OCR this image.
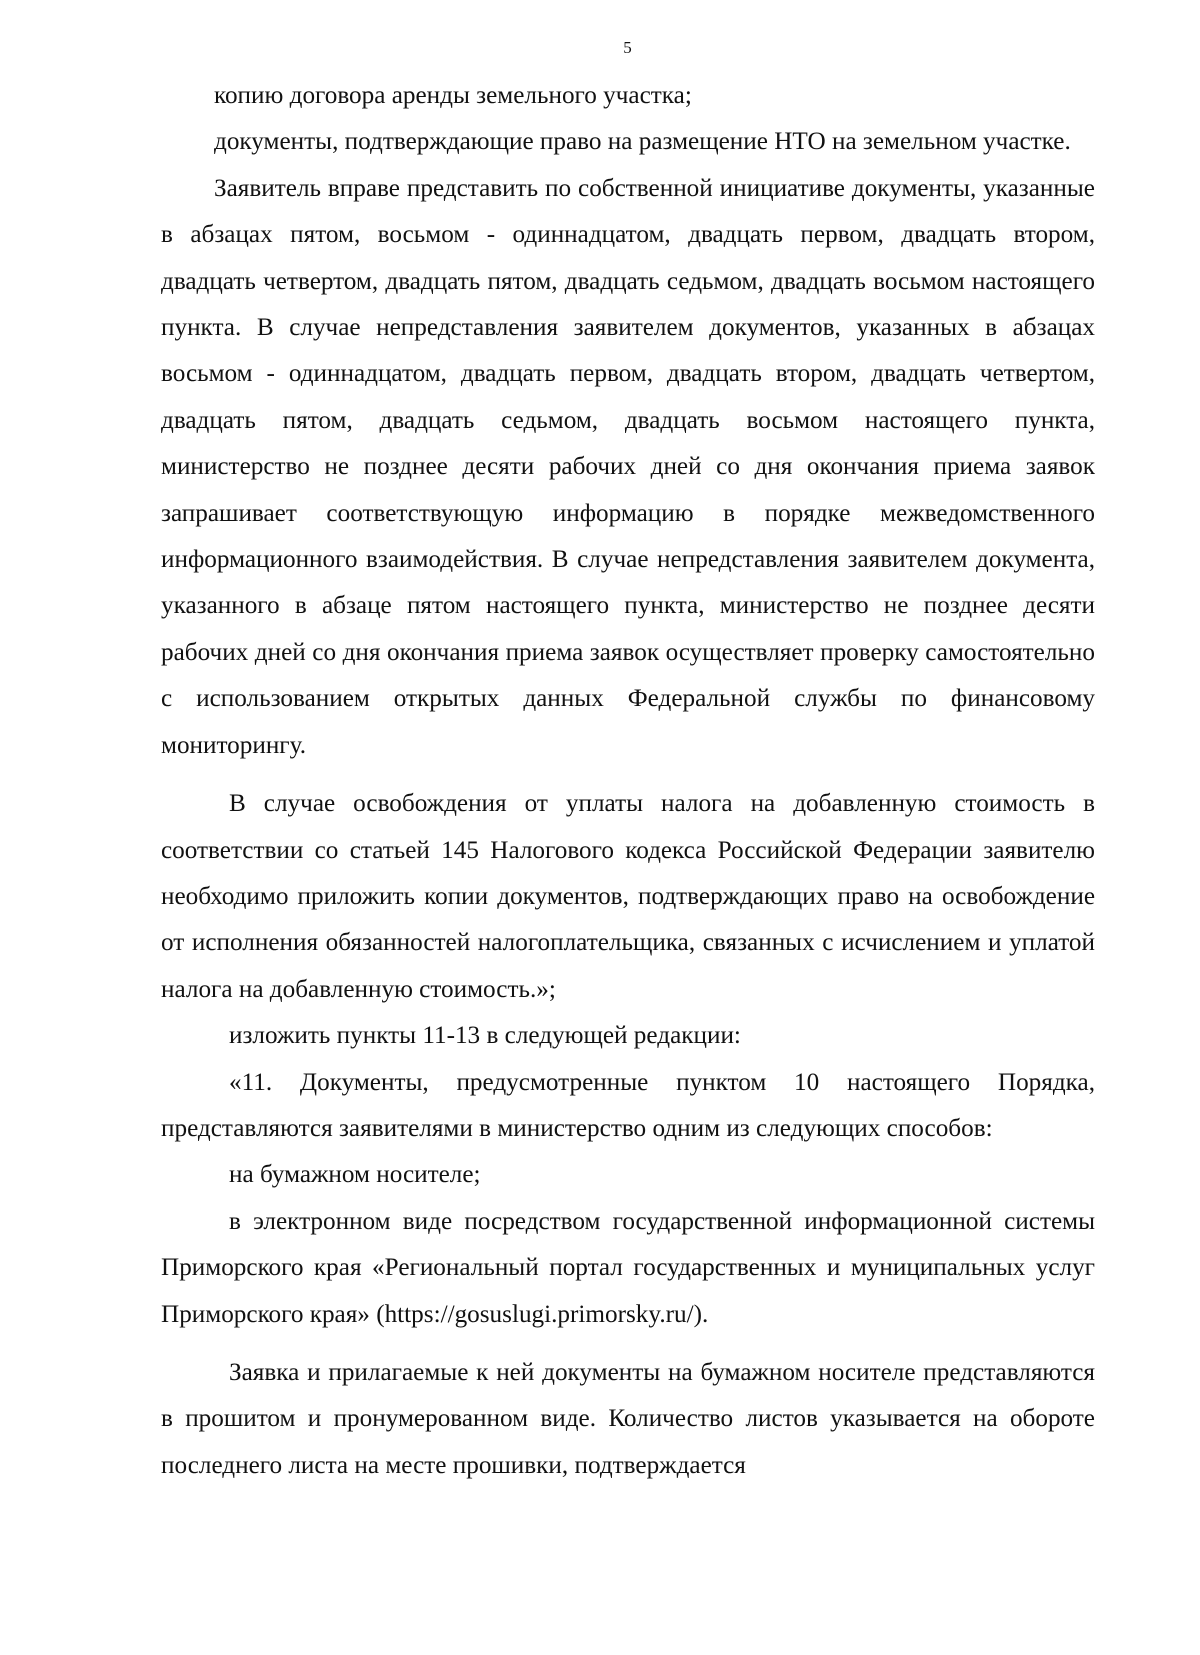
5

копию договора аренды земельного участка;

документы, подтверждающие право на размещение НТО на земельном участке.

Заявитель вправе представить по собственной инициативе документы, указанные в абзацах пятом, восьмом - одиннадцатом, двадцать первом, двадцать втором, двадцать четвертом, двадцать пятом, двадцать седьмом, двадцать восьмом настоящего пункта. В случае непредставления заявителем документов, указанных в абзацах восьмом - одиннадцатом, двадцать первом, двадцать втором, двадцать четвертом, двадцать пятом, двадцать седьмом, двадцать восьмом настоящего пункта, министерство не позднее десяти рабочих дней со дня окончания приема заявок запрашивает соответствующую информацию в порядке межведомственного информационного взаимодействия. В случае непредставления заявителем документа, указанного в абзаце пятом настоящего пункта, министерство не позднее десяти рабочих дней со дня окончания приема заявок осуществляет проверку самостоятельно с использованием открытых данных Федеральной службы по финансовому мониторингу.

В случае освобождения от уплаты налога на добавленную стоимость в соответствии со статьей 145 Налогового кодекса Российской Федерации заявителю необходимо приложить копии документов, подтверждающих право на освобождение от исполнения обязанностей налогоплательщика, связанных с исчислением и уплатой налога на добавленную стоимость.»;

изложить пункты 11-13 в следующей редакции:

«11. Документы, предусмотренные пунктом 10 настоящего Порядка, представляются заявителями в министерство одним из следующих способов:

на бумажном носителе;

в электронном виде посредством государственной информационной системы Приморского края «Региональный портал государственных и муниципальных услуг Приморского края» (https://gosuslugi.primorsky.ru/).

Заявка и прилагаемые к ней документы на бумажном носителе представляются в прошитом и пронумерованном виде. Количество листов указывается на обороте последнего листа на месте прошивки, подтверждается
